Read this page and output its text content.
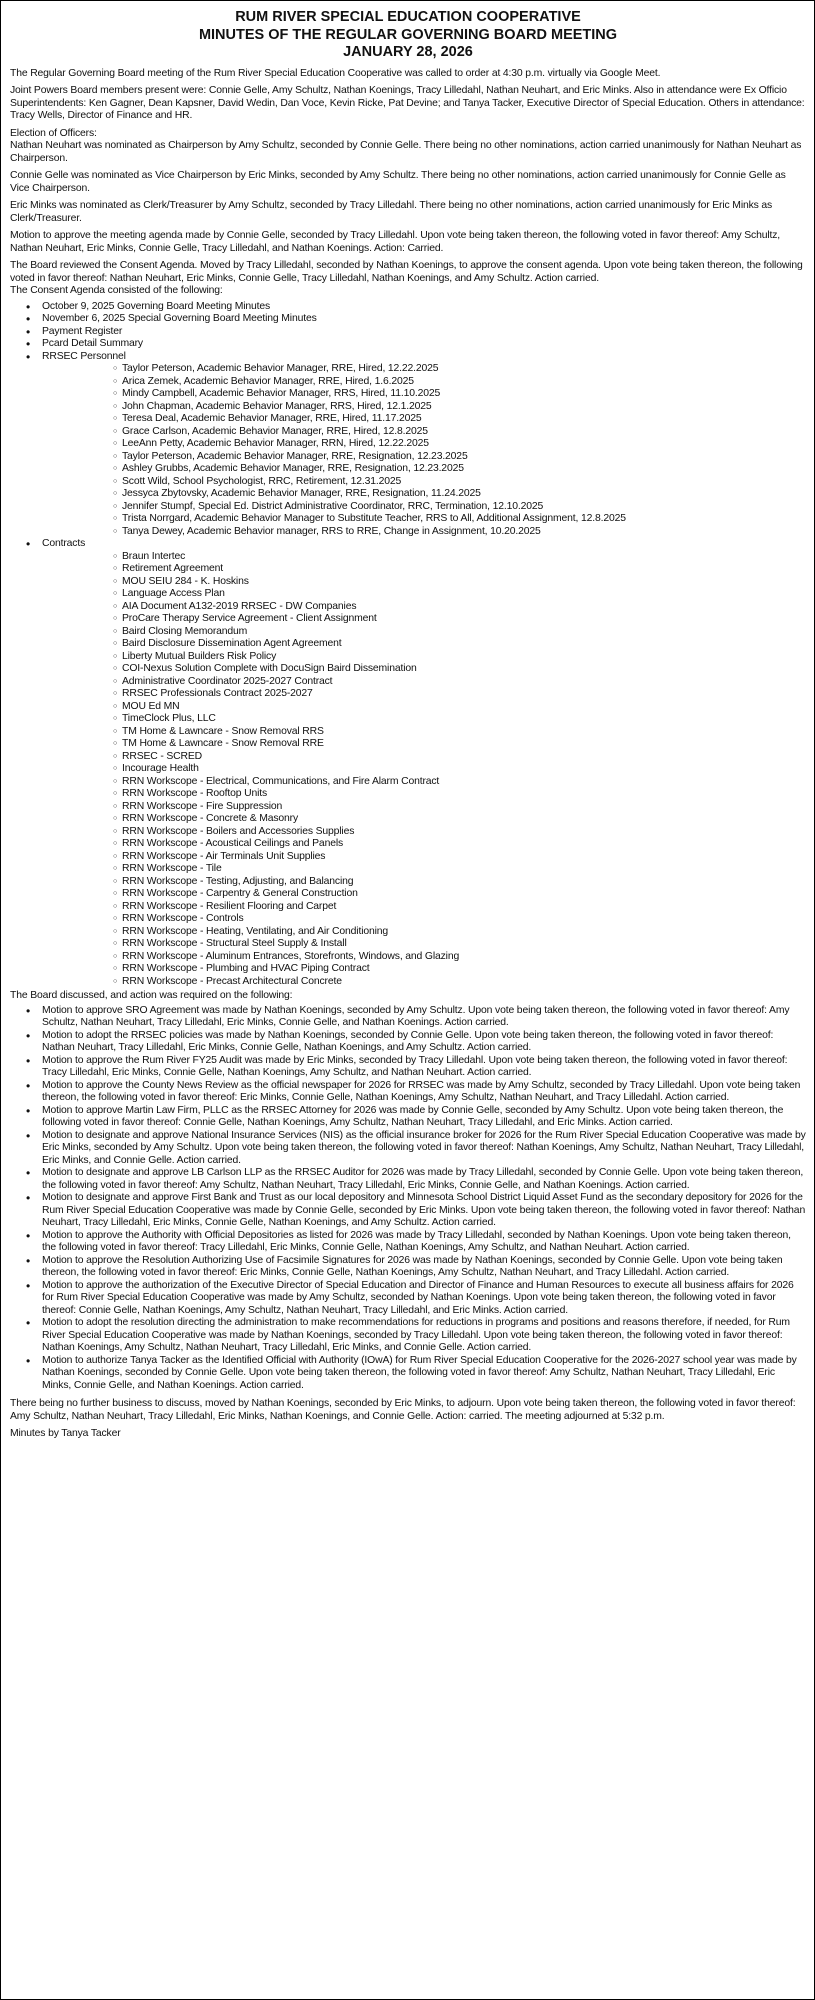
RUM RIVER SPECIAL EDUCATION COOPERATIVE
MINUTES OF THE REGULAR GOVERNING BOARD MEETING
JANUARY 28, 2026

The Regular Governing Board meeting of the Rum River Special Education Cooperative was called to order at 4:30 p.m. virtually via Google Meet.

Joint Powers Board members present were: Connie Gelle, Amy Schultz, Nathan Koenings, Tracy Lilledahl, Nathan Neuhart, and Eric Minks. Also in attendance were Ex Officio Superintendents: Ken Gagner, Dean Kapsner, David Wedin, Dan Voce, Kevin Ricke, Pat Devine; and Tanya Tacker, Executive Director of Special Education. Others in attendance: Tracy Wells, Director of Finance and HR.

Election of Officers:

Nathan Neuhart was nominated as Chairperson by Amy Schultz, seconded by Connie Gelle. There being no other nominations, action carried unanimously for Nathan Neuhart as Chairperson.

Connie Gelle was nominated as Vice Chairperson by Eric Minks, seconded by Amy Schultz. There being no other nominations, action carried unanimously for Connie Gelle as Vice Chairperson.

Eric Minks was nominated as Clerk/Treasurer by Amy Schultz, seconded by Tracy Lilledahl. There being no other nominations, action carried unanimously for Eric Minks as Clerk/Treasurer.

Motion to approve the meeting agenda made by Connie Gelle, seconded by Tracy Lilledahl. Upon vote being taken thereon, the following voted in favor thereof: Amy Schultz, Nathan Neuhart, Eric Minks, Connie Gelle, Tracy Lilledahl, and Nathan Koenings. Action: Carried.

The Board reviewed the Consent Agenda. Moved by Tracy Lilledahl, seconded by Nathan Koenings, to approve the consent agenda. Upon vote being taken thereon, the following voted in favor thereof: Nathan Neuhart, Eric Minks, Connie Gelle, Tracy Lilledahl, Nathan Koenings, and Amy Schultz. Action carried.

The Consent Agenda consisted of the following:

• October 9, 2025 Governing Board Meeting Minutes
• November 6, 2025 Special Governing Board Meeting Minutes
• Payment Register
• Pcard Detail Summary
• RRSEC Personnel
○ Taylor Peterson, Academic Behavior Manager, RRE, Hired, 12.22.2025
○ Arica Zemek, Academic Behavior Manager, RRE, Hired, 1.6.2025
○ Mindy Campbell, Academic Behavior Manager, RRS, Hired, 11.10.2025
○ John Chapman, Academic Behavior Manager, RRS, Hired, 12.1.2025
○ Teresa Deal, Academic Behavior Manager, RRE, Hired, 11.17.2025
○ Grace Carlson, Academic Behavior Manager, RRE, Hired, 12.8.2025
○ LeeAnn Petty, Academic Behavior Manager, RRN, Hired, 12.22.2025
○ Taylor Peterson, Academic Behavior Manager, RRE, Resignation, 12.23.2025
○ Ashley Grubbs, Academic Behavior Manager, RRE, Resignation, 12.23.2025
○ Scott Wild, School Psychologist, RRC, Retirement, 12.31.2025
○ Jessyca Zbytovsky, Academic Behavior Manager, RRE, Resignation, 11.24.2025
○ Jennifer Stumpf, Special Ed. District Administrative Coordinator, RRC, Termination, 12.10.2025
○ Trista Norrgard, Academic Behavior Manager to Substitute Teacher, RRS to All, Additional Assignment, 12.8.2025
○ Tanya Dewey, Academic Behavior manager, RRS to RRE, Change in Assignment, 10.20.2025
• Contracts
○ Braun Intertec
○ Retirement Agreement
○ MOU SEIU 284 - K. Hoskins
○ Language Access Plan
○ AIA Document A132-2019 RRSEC - DW Companies
○ ProCare Therapy Service Agreement - Client Assignment
○ Baird Closing Memorandum
○ Baird Disclosure Dissemination Agent Agreement
○ Liberty Mutual Builders Risk Policy
○ COI-Nexus Solution Complete with DocuSign Baird Dissemination
○ Administrative Coordinator 2025-2027 Contract
○ RRSEC Professionals Contract 2025-2027
○ MOU Ed MN
○ TimeClock Plus, LLC
○ TM Home & Lawncare - Snow Removal RRS
○ TM Home & Lawncare - Snow Removal RRE
○ RRSEC - SCRED
○ Incourage Health
○ RRN Workscope - Electrical, Communications, and Fire Alarm Contract
○ RRN Workscope - Rooftop Units
○ RRN Workscope - Fire Suppression
○ RRN Workscope - Concrete & Masonry
○ RRN Workscope - Boilers and Accessories Supplies
○ RRN Workscope - Acoustical Ceilings and Panels
○ RRN Workscope - Air Terminals Unit Supplies
○ RRN Workscope - Tile
○ RRN Workscope - Testing, Adjusting, and Balancing
○ RRN Workscope - Carpentry & General Construction
○ RRN Workscope - Resilient Flooring and Carpet
○ RRN Workscope - Controls
○ RRN Workscope - Heating, Ventilating, and Air Conditioning
○ RRN Workscope - Structural Steel Supply & Install
○ RRN Workscope - Aluminum Entrances, Storefronts, Windows, and Glazing
○ RRN Workscope - Plumbing and HVAC Piping Contract
○ RRN Workscope - Precast Architectural Concrete

The Board discussed, and action was required on the following:

• Motion to approve SRO Agreement was made by Nathan Koenings, seconded by Amy Schultz. Upon vote being taken thereon, the following voted in favor thereof: Amy Schultz, Nathan Neuhart, Tracy Lilledahl, Eric Minks, Connie Gelle, and Nathan Koenings. Action carried.
• Motion to adopt the RRSEC policies was made by Nathan Koenings, seconded by Connie Gelle. Upon vote being taken thereon, the following voted in favor thereof: Nathan Neuhart, Tracy Lilledahl, Eric Minks, Connie Gelle, Nathan Koenings, and Amy Schultz. Action carried.
• Motion to approve the Rum River FY25 Audit was made by Eric Minks, seconded by Tracy Lilledahl. Upon vote being taken thereon, the following voted in favor thereof: Tracy Lilledahl, Eric Minks, Connie Gelle, Nathan Koenings, Amy Schultz, and Nathan Neuhart. Action carried.
• Motion to approve the County News Review as the official newspaper for 2026 for RRSEC was made by Amy Schultz, seconded by Tracy Lilledahl. Upon vote being taken thereon, the following voted in favor thereof: Eric Minks, Connie Gelle, Nathan Koenings, Amy Schultz, Nathan Neuhart, and Tracy Lilledahl. Action carried.
• Motion to approve Martin Law Firm, PLLC as the RRSEC Attorney for 2026 was made by Connie Gelle, seconded by Amy Schultz. Upon vote being taken thereon, the following voted in favor thereof: Connie Gelle, Nathan Koenings, Amy Schultz, Nathan Neuhart, Tracy Lilledahl, and Eric Minks. Action carried.
• Motion to designate and approve National Insurance Services (NIS) as the official insurance broker for 2026 for the Rum River Special Education Cooperative was made by Eric Minks, seconded by Amy Schultz. Upon vote being taken thereon, the following voted in favor thereof: Nathan Koenings, Amy Schultz, Nathan Neuhart, Tracy Lilledahl, Eric Minks, and Connie Gelle. Action carried.
• Motion to designate and approve LB Carlson LLP as the RRSEC Auditor for 2026 was made by Tracy Lilledahl, seconded by Connie Gelle. Upon vote being taken thereon, the following voted in favor thereof: Amy Schultz, Nathan Neuhart, Tracy Lilledahl, Eric Minks, Connie Gelle, and Nathan Koenings. Action carried.
• Motion to designate and approve First Bank and Trust as our local depository and Minnesota School District Liquid Asset Fund as the secondary depository for 2026 for the Rum River Special Education Cooperative was made by Connie Gelle, seconded by Eric Minks. Upon vote being taken thereon, the following voted in favor thereof: Nathan Neuhart, Tracy Lilledahl, Eric Minks, Connie Gelle, Nathan Koenings, and Amy Schultz. Action carried.
• Motion to approve the Authority with Official Depositories as listed for 2026 was made by Tracy Lilledahl, seconded by Nathan Koenings. Upon vote being taken thereon, the following voted in favor thereof: Tracy Lilledahl, Eric Minks, Connie Gelle, Nathan Koenings, Amy Schultz, and Nathan Neuhart. Action carried.
• Motion to approve the Resolution Authorizing Use of Facsimile Signatures for 2026 was made by Nathan Koenings, seconded by Connie Gelle. Upon vote being taken thereon, the following voted in favor thereof: Eric Minks, Connie Gelle, Nathan Koenings, Amy Schultz, Nathan Neuhart, and Tracy Lilledahl. Action carried.
• Motion to approve the authorization of the Executive Director of Special Education and Director of Finance and Human Resources to execute all business affairs for 2026 for Rum River Special Education Cooperative was made by Amy Schultz, seconded by Nathan Koenings. Upon vote being taken thereon, the following voted in favor thereof: Connie Gelle, Nathan Koenings, Amy Schultz, Nathan Neuhart, Tracy Lilledahl, and Eric Minks. Action carried.
• Motion to adopt the resolution directing the administration to make recommendations for reductions in programs and positions and reasons therefore, if needed, for Rum River Special Education Cooperative was made by Nathan Koenings, seconded by Tracy Lilledahl. Upon vote being taken thereon, the following voted in favor thereof: Nathan Koenings, Amy Schultz, Nathan Neuhart, Tracy Lilledahl, Eric Minks, and Connie Gelle. Action carried.
• Motion to authorize Tanya Tacker as the Identified Official with Authority (IOwA) for Rum River Special Education Cooperative for the 2026-2027 school year was made by Nathan Koenings, seconded by Connie Gelle. Upon vote being taken thereon, the following voted in favor thereof: Amy Schultz, Nathan Neuhart, Tracy Lilledahl, Eric Minks, Connie Gelle, and Nathan Koenings. Action carried.

There being no further business to discuss, moved by Nathan Koenings, seconded by Eric Minks, to adjourn. Upon vote being taken thereon, the following voted in favor thereof: Amy Schultz, Nathan Neuhart, Tracy Lilledahl, Eric Minks, Nathan Koenings, and Connie Gelle. Action: carried. The meeting adjourned at 5:32 p.m.

Minutes by Tanya Tacker
